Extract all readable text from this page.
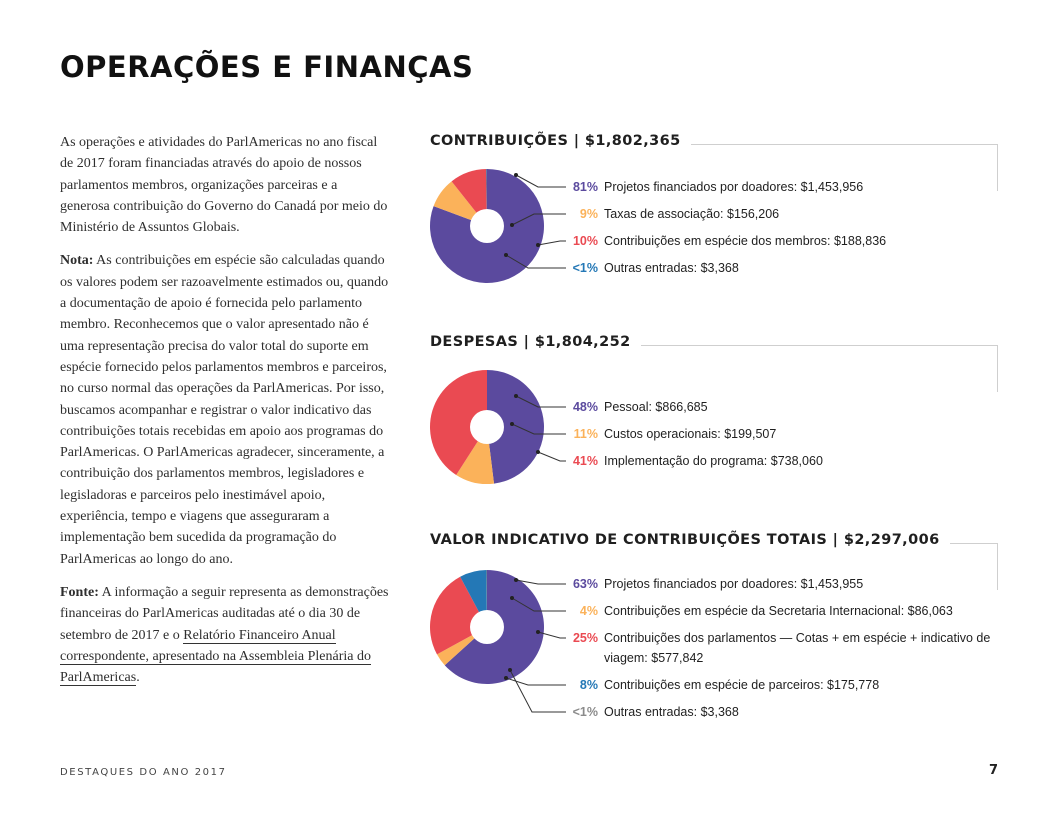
OPERAÇÕES E FINANÇAS

As operações e atividades do ParlAmericas no ano fiscal de 2017 foram financiadas através do apoio de nossos parlamentos membros, organizações parceiras e a generosa contribuição do Governo do Canadá por meio do Ministério de Assuntos Globais.

Nota: As contribuições em espécie são calculadas quando os valores podem ser razoavelmente estimados ou, quando a documentação de apoio é fornecida pelo parlamento membro. Reconhecemos que o valor apresentado não é uma representação precisa do valor total do suporte em espécie fornecido pelos parlamentos membros e parceiros, no curso normal das operações da ParlAmericas. Por isso, buscamos acompanhar e registrar o valor indicativo das contribuições totais recebidas em apoio aos programas do ParlAmericas. O ParlAmericas agradecer, sinceramente, a contribuição dos parlamentos membros, legisladores e legisladoras e parceiros pelo inestimável apoio, experiência, tempo e viagens que asseguraram a implementação bem sucedida da programação do ParlAmericas ao longo do ano.

Fonte: A informação a seguir representa as demonstrações financeiras do ParlAmericas auditadas até o dia 30 de setembro de 2017 e o Relatório Financeiro Anual correspondente, apresentado na Assembleia Plenária do ParlAmericas.

CONTRIBUIÇÕES | $1,802,365
81% Projetos financiados por doadores: $1,453,956
9% Taxas de associação: $156,206
10% Contribuições em espécie dos membros: $188,836
<1% Outras entradas: $3,368
DESPESAS | $1,804,252
48% Pessoal: $866,685
11% Custos operacionais: $199,507
41% Implementação do programa: $738,060
VALOR INDICATIVO DE CONTRIBUIÇÕES TOTAIS | $2,297,006
63% Projetos financiados por doadores: $1,453,955
4% Contribuições em espécie da Secretaria Internacional: $86,063
25% Contribuições dos parlamentos — Cotas + em espécie + indicativo de viagem: $577,842
8% Contribuições em espécie de parceiros: $175,778
<1% Outras entradas: $3,368
DESTAQUES DO ANO 2017	7
